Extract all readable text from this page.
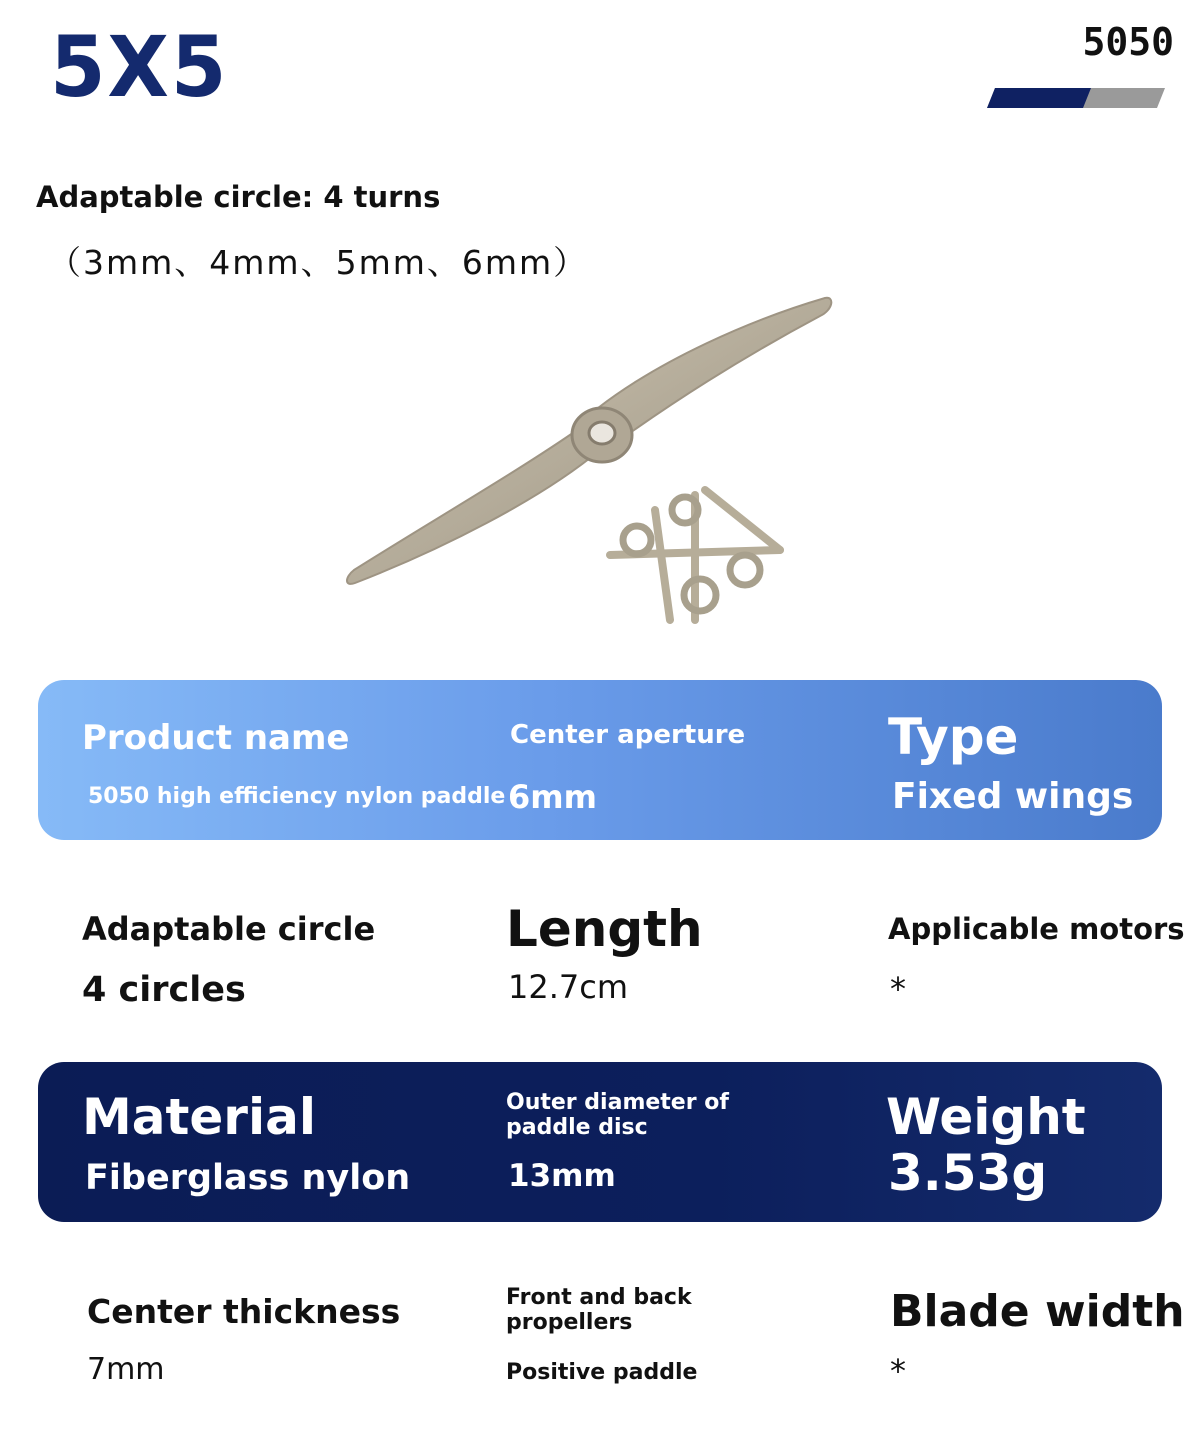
5X5	5050
Adaptable circle: 4 turns
（3mm、4mm、5mm、6mm）
Product name
5050 high efficiency nylon paddle
Center aperture
6mm
Type
Fixed wings
Adaptable circle
4 circles
Length
12.7cm
Applicable motors
*
Material
Fiberglass nylon
Outer diameter of
paddle disc
13mm
Weight
3.53g
Center thickness
7mm
Front and back
propellers
Positive paddle
Blade width
*
